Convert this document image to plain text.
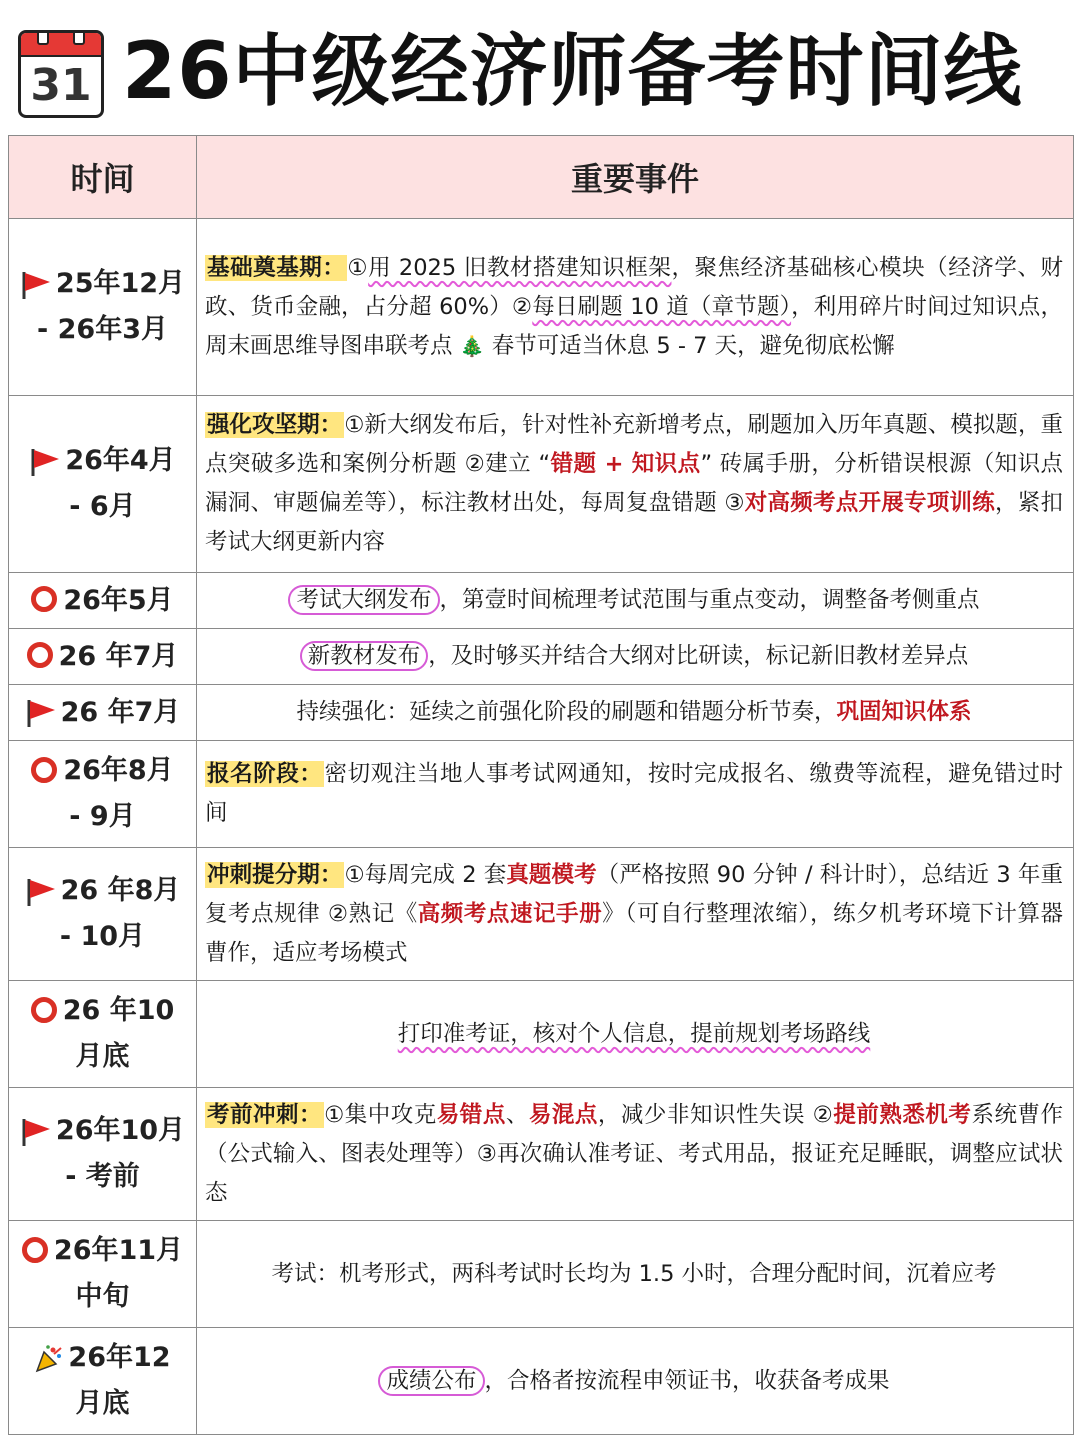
31 26中级经济师备考时间线
时间	重要事件
25年12月
- 26年3月	基础奠基期：①用 2025 旧教材搭建知识框架，聚焦经济基础核心模块（经济学、财政、货币金融，占分超 60%）②每日刷题 10 道（章节题），利用碎片时间过知识点，周末画思维导图串联考点 🎄 春节可适当休息 5 - 7 天，避免彻底松懈
26年4月
- 6月	强化攻坚期：①新大纲发布后，针对性补充新增考点，刷题加入历年真题、模拟题，重点突破多选和案例分析题 ②建立 “错题 + 知识点” 砖属手册，分析错误根源（知识点漏洞、审题偏差等），标注教材出处，每周复盘错题 ③对高频考点开展专项训练，紧扣考试大纲更新内容
26年5月	考试大纲发布 ，第壹时间梳理考试范围与重点变动，调整备考侧重点
26 年7月	新教材发布 ，及时够买并结合大纲对比研读，标记新旧教材差异点
26 年7月	持续强化：延续之前强化阶段的刷题和错题分析节奏，巩固知识体系
26年8月
- 9月	报名阶段：密切观注当地人事考试网通知，按时完成报名、缴费等流程，避免错过时间
26 年8月
- 10月	冲刺提分期：①每周完成 2 套真题模考（严格按照 90 分钟 / 科计时），总结近 3 年重复考点规律 ②熟记《高频考点速记手册》（可自行整理浓缩），练夕机考环境下计算器曹作，适应考场模式
26 年10
月底	打印准考证，核对个人信息，提前规划考场路线
26年10月
- 考前	考前冲刺：①集中攻克易错点、易混点，减少非知识性失误 ②提前熟悉机考系统曹作（公式输入、图表处理等）③再次确认准考证、考式用品，报证充足睡眠，调整应试状态
26年11月
中旬	考试：机考形式，两科考试时长均为 1.5 小时，合理分配时间，沉着应考
26年12
月底	成绩公布 ，合格者按流程申领证书，收获备考成果
